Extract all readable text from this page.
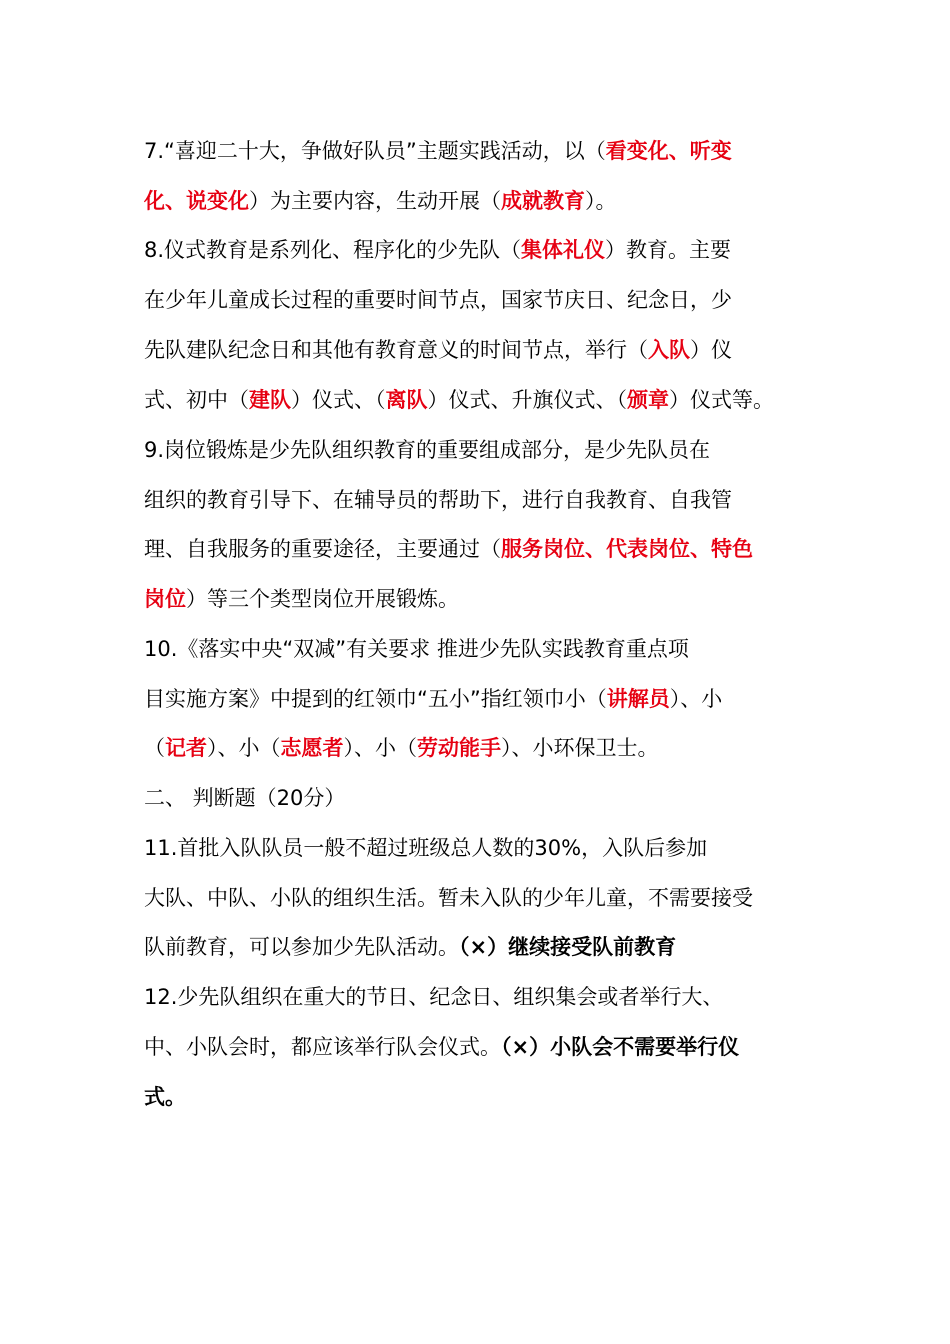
7.“喜迎二十大，争做好队员”主题实践活动，以（看变化、听变
化、说变化）为主要内容，生动开展（成就教育）。
8.仪式教育是系列化、程序化的少先队（集体礼仪）教育。主要
在少年儿童成长过程的重要时间节点，国家节庆日、纪念日，少
先队建队纪念日和其他有教育意义的时间节点，举行（入队）仪
式、初中（建队）仪式、（离队）仪式、升旗仪式、（颁章）仪式等。
9.岗位锻炼是少先队组织教育的重要组成部分，是少先队员在
组织的教育引导下、在辅导员的帮助下，进行自我教育、自我管
理、自我服务的重要途径，主要通过（服务岗位、代表岗位、特色
岗位）等三个类型岗位开展锻炼。
10.《落实中央“双减”有关要求 推进少先队实践教育重点项
目实施方案》中提到的红领巾“五小”指红领巾小（讲解员）、小
（记者）、小（志愿者）、小（劳动能手）、小环保卫士。
二、 判断题（20分）
11.首批入队队员一般不超过班级总人数的30%，入队后参加
大队、中队、小队的组织生活。暂未入队的少年儿童，不需要接受
队前教育，可以参加少先队活动。（×）继续接受队前教育
12.少先队组织在重大的节日、纪念日、组织集会或者举行大、
中、小队会时，都应该举行队会仪式。（×）小队会不需要举行仪
式。
